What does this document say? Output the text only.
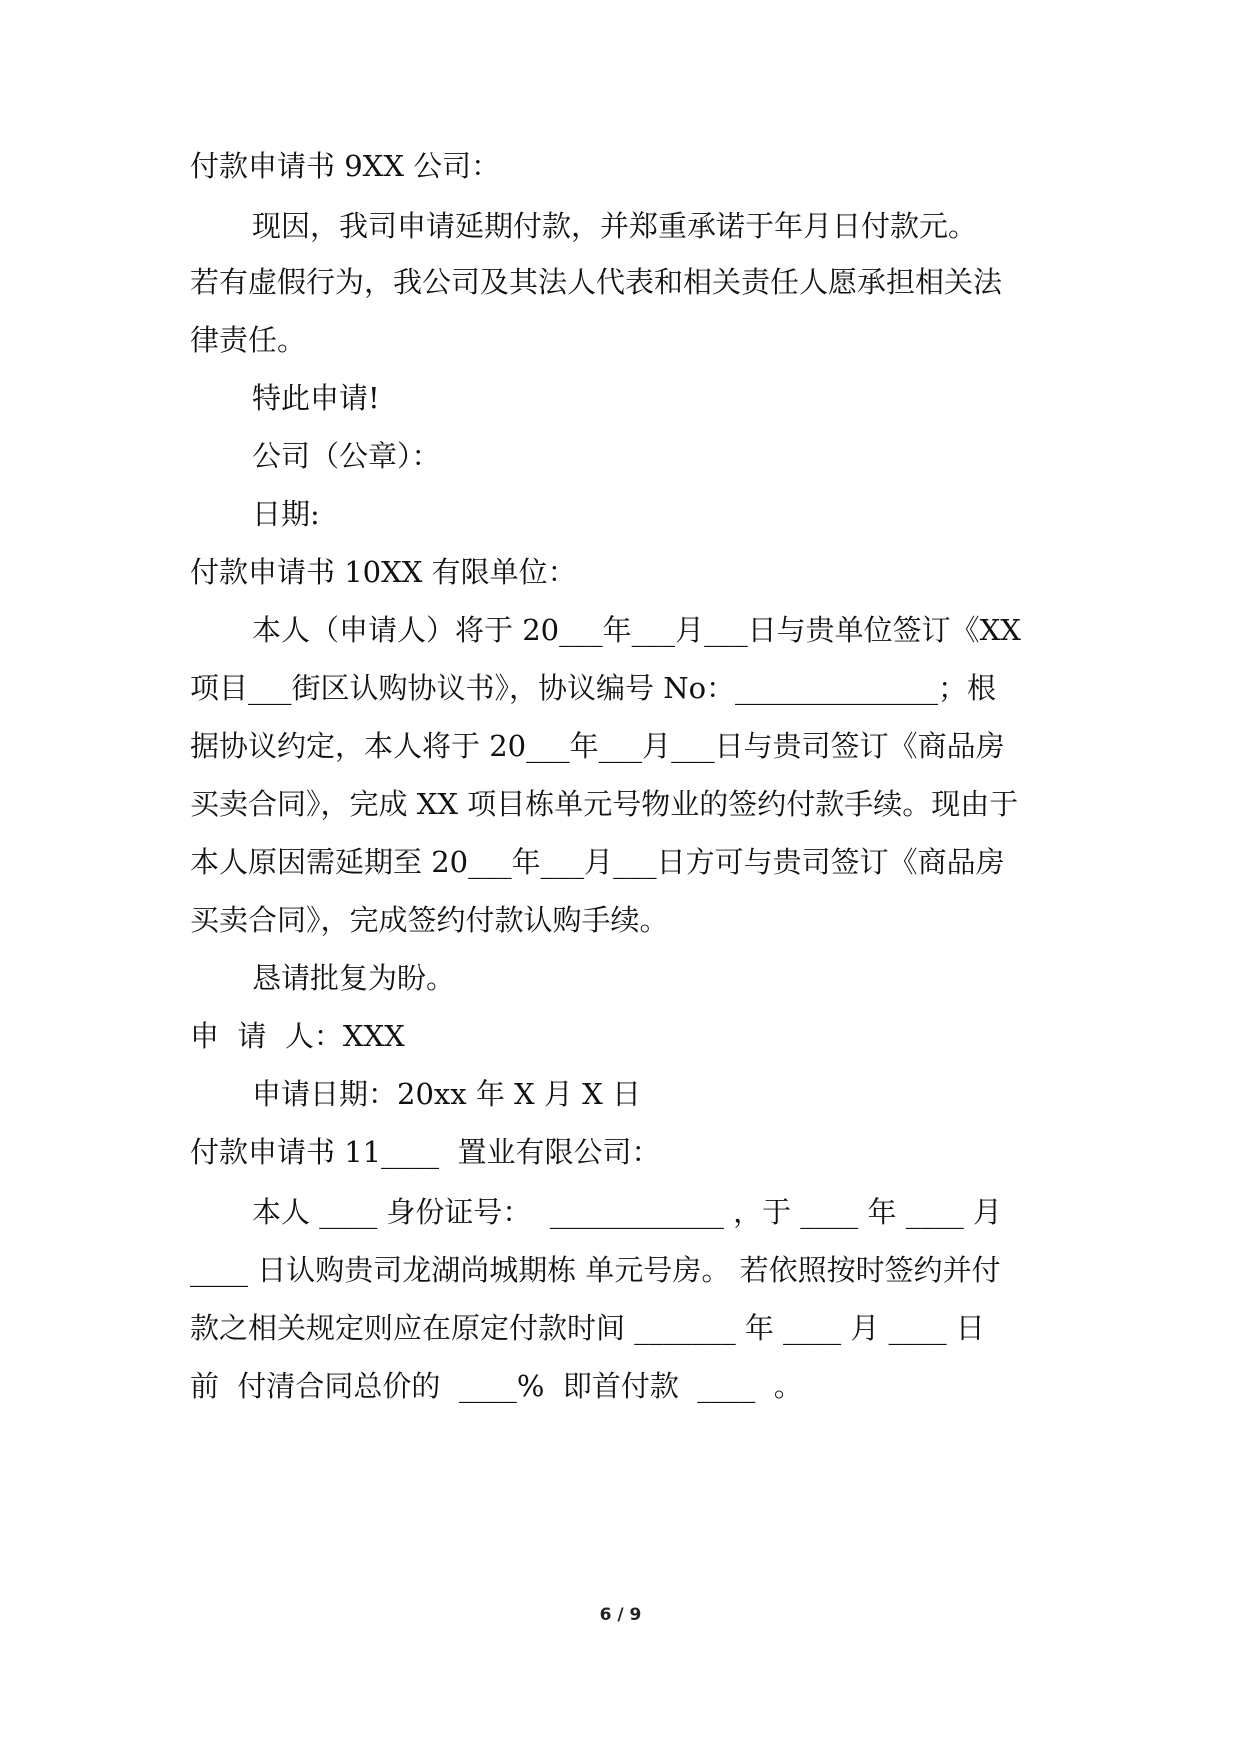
付款申请书 9XX 公司：
现因，我司申请延期付款，并郑重承诺于年月日付款元。
若有虚假行为，我公司及其法人代表和相关责任人愿承担相关法
律责任。
特此申请!
公司（公章）：
日期:
付款申请书 10XX 有限单位：
本人（申请人）将于 20___年___月___日与贵单位签订《XX
项目___街区认购协议书》，协议编号 No：______________；根
据协议约定，本人将于 20___年___月___日与贵司签订《商品房
买卖合同》，完成 XX 项目栋单元号物业的签约付款手续。现由于
本人原因需延期至 20___年___月___日方可与贵司签订《商品房
买卖合同》，完成签约付款认购手续。
恳请批复为盼。
申  请  人：XXX
申请日期：20xx 年 X 月 X 日
付款申请书 11____  置业有限公司：
本人 ____ 身份证号：  ____________ ，于 ____ 年 ____ 月
____ 日认购贵司龙湖尚城期栋 单元号房。 若依照按时签约并付
款之相关规定则应在原定付款时间 _______ 年 ____ 月 ____ 日
前  付清合同总价的  ____%  即首付款  ____  。
6 / 9
